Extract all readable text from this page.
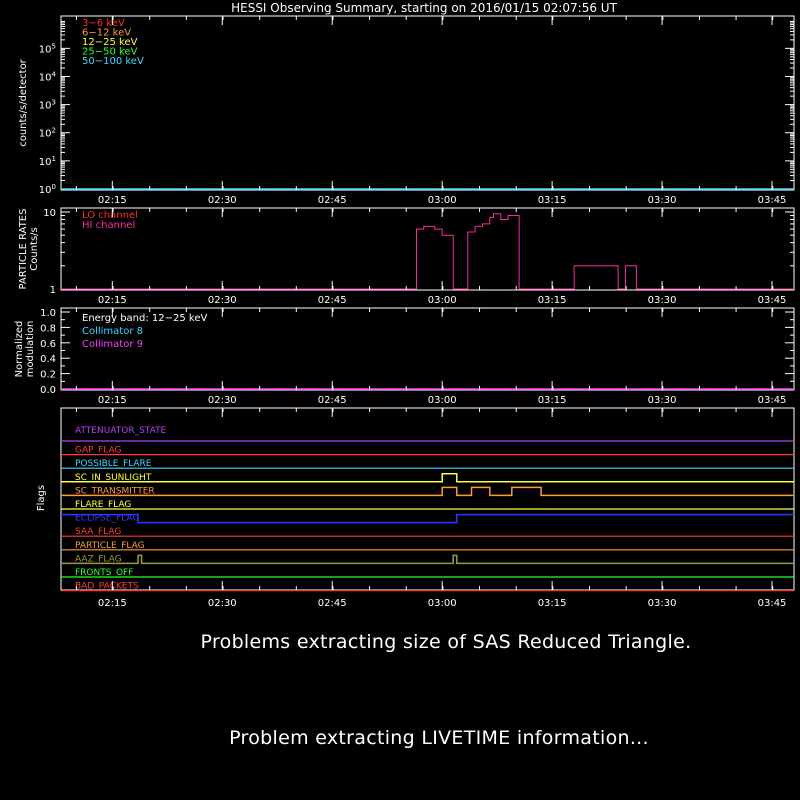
HESSI Observing Summary, starting on 2016/01/15 02:07:56 UT
counts/s/detector
$10^0$
$10^1$
$10^2$
$10^3$
$10^4$
$10^5$
3−6 keV
6−12 keV
12−25 keV
25−50 keV
50−100 keV
02:15	02:30	02:45	03:00	03:15	03:30	03:45
PARTICLE RATES Counts/s
1
10	LO channel
HI channel
02:15	02:30	02:45	03:00	03:15	03:30	03:45
Normalized modulation
0.0
0.2
0.4
0.6
0.8
1.0	Energy band: 12−25 keV
Collimator 8
Collimator 9
02:15	02:30	02:45	03:00	03:15	03:30	03:45
Flags
ATTENUATOR_STATE
GAP_FLAG
POSSIBLE_FLARE
SC_IN_SUNLIGHT
SC_TRANSMITTER
FLARE_FLAG
ECLIPSE_FLAG
SAA_FLAG
PARTICLE_FLAG
AAZ_FLAG
FRONTS_OFF
BAD_PACKETS
02:15	02:30	02:45	03:00	03:15	03:30	03:45
Problems extracting size of SAS Reduced Triangle.
Problem extracting LIVETIME information...
